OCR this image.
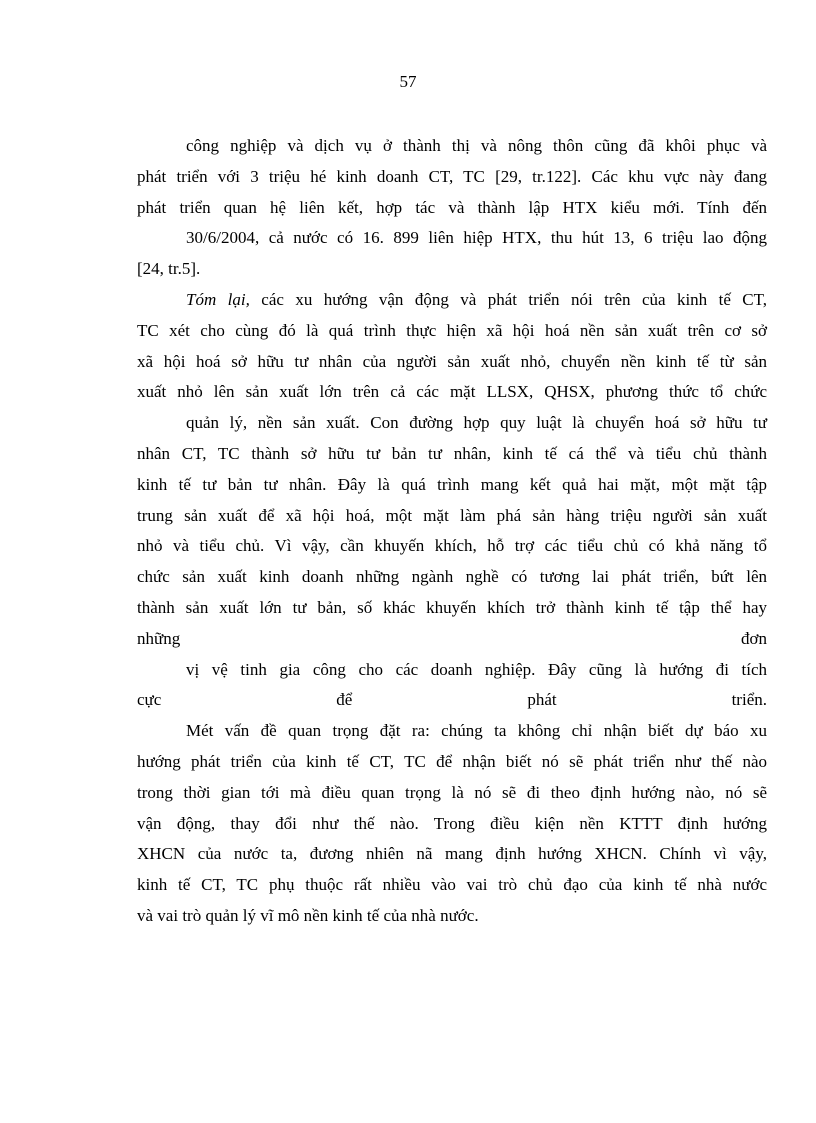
57
công nghiệp và dịch vụ ở thành thị và nông thôn cũng đã khôi phục và
phát triển với 3 triệu hé kinh doanh CT, TC [29, tr.122]. Các khu vực này đang
phát triển quan hệ liên kết, hợp tác và thành lập HTX kiểu mới. Tính đến
30/6/2004, cả nước có 16. 899 liên hiệp HTX, thu hút 13, 6 triệu lao động
[24, tr.5].
Tóm lại, các xu hướng vận động và phát triển nói trên của kinh tế CT,
TC xét cho cùng đó là quá trình thực hiện xã hội hoá nền sản xuất trên cơ sở
xã hội hoá sở hữu tư nhân của người sản xuất nhỏ, chuyển nền kinh tế từ sản
xuất nhỏ lên sản xuất lớn trên cả các mặt LLSX, QHSX, phương thức tổ chức
quản lý, nền sản xuất. Con đường hợp quy luật là chuyển hoá sở hữu tư
nhân CT, TC thành sở hữu tư bản tư nhân, kinh tế cá thể và tiểu chủ thành
kinh tế tư bản tư nhân. Đây là quá trình mang kết quả hai mặt, một mặt tập
trung sản xuất để xã hội hoá, một mặt làm phá sản hàng triệu người sản xuất
nhỏ và tiểu chủ. Vì vậy, cần khuyến khích, hỗ trợ các tiểu chủ có khả năng tổ
chức sản xuất kinh doanh những ngành nghề có tương lai phát triển, bứt lên
thành sản xuất lớn tư bản, số khác khuyến khích trở thành kinh tế tập thể hay
những đơn
vị vệ tinh gia công cho các doanh nghiệp. Đây cũng là hướng đi tích
cực để phát triển.
Mét vấn đề quan trọng đặt ra: chúng ta không chỉ nhận biết dự báo xu
hướng phát triển của kinh tế CT, TC để nhận biết nó sẽ phát triển như thế nào
trong thời gian tới mà điều quan trọng là nó sẽ đi theo định hướng nào, nó sẽ
vận động, thay đổi như thế nào. Trong điều kiện nền KTTT định hướng
XHCN của nước ta, đương nhiên nã mang định hướng XHCN. Chính vì vậy,
kinh tế CT, TC phụ thuộc rất nhiều vào vai trò chủ đạo của kinh tế nhà nước
và vai trò quản lý vĩ mô nền kinh tế của nhà nước.
